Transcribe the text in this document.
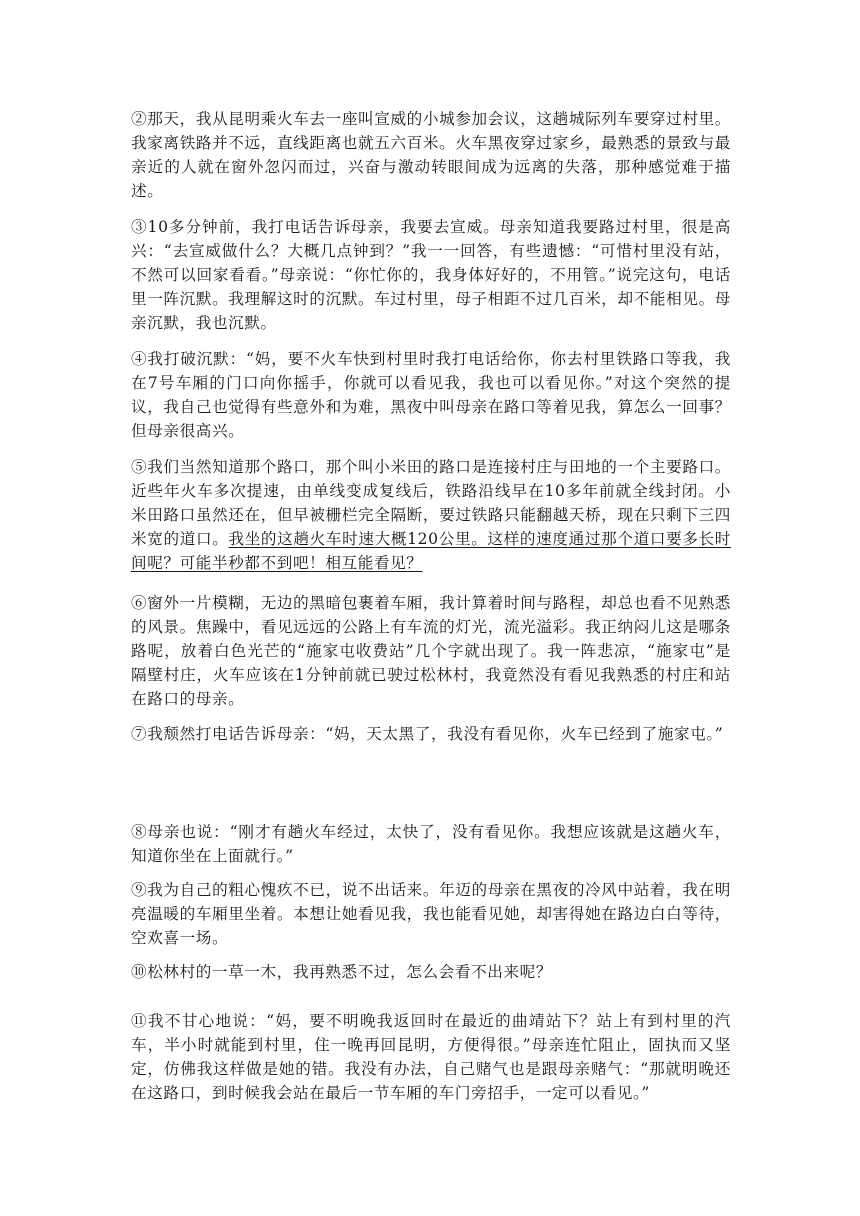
②那天，我从昆明乘火车去一座叫宣威的小城参加会议，这趟城际列车要穿过村里。我家离铁路并不远，直线距离也就五六百米。火车黑夜穿过家乡，最熟悉的景致与最亲近的人就在窗外忽闪而过，兴奋与激动转眼间成为远离的失落，那种感觉难于描述。

③10多分钟前，我打电话告诉母亲，我要去宣威。母亲知道我要路过村里，很是高兴：“去宣威做什么？大概几点钟到？”我一一回答，有些遗憾：“可惜村里没有站，不然可以回家看看。”母亲说：“你忙你的，我身体好好的，不用管。”说完这句，电话里一阵沉默。我理解这时的沉默。车过村里，母子相距不过几百米，却不能相见。母亲沉默，我也沉默。

④我打破沉默：“妈，要不火车快到村里时我打电话给你，你去村里铁路口等我，我在7号车厢的门口向你摇手，你就可以看见我，我也可以看见你。”对这个突然的提议，我自己也觉得有些意外和为难，黑夜中叫母亲在路口等着见我，算怎么一回事？但母亲很高兴。

⑤我们当然知道那个路口，那个叫小米田的路口是连接村庄与田地的一个主要路口。近些年火车多次提速，由单线变成复线后，铁路沿线早在10多年前就全线封闭。小米田路口虽然还在，但早被栅栏完全隔断，要过铁路只能翻越天桥，现在只剩下三四米宽的道口。我坐的这趟火车时速大概120公里。这样的速度通过那个道口要多长时间呢？可能半秒都不到吧！相互能看见？

⑥窗外一片模糊，无边的黑暗包裹着车厢，我计算着时间与路程，却总也看不见熟悉的风景。焦躁中，看见远远的公路上有车流的灯光，流光溢彩。我正纳闷儿这是哪条路呢，放着白色光芒的“施家屯收费站”几个字就出现了。我一阵悲凉，“施家屯”是隔壁村庄，火车应该在1分钟前就已驶过松林村，我竟然没有看见我熟悉的村庄和站在路口的母亲。

⑦我颓然打电话告诉母亲：“妈，天太黑了，我没有看见你，火车已经到了施家屯。”

⑧母亲也说：“刚才有趟火车经过，太快了，没有看见你。我想应该就是这趟火车，知道你坐在上面就行。”

⑨我为自己的粗心愧疚不已，说不出话来。年迈的母亲在黑夜的冷风中站着，我在明亮温暖的车厢里坐着。本想让她看见我，我也能看见她，却害得她在路边白白等待，空欢喜一场。

⑩松林村的一草一木，我再熟悉不过，怎么会看不出来呢？

⑪我不甘心地说：“妈，要不明晚我返回时在最近的曲靖站下？站上有到村里的汽车，半小时就能到村里，住一晚再回昆明，方便得很。”母亲连忙阻止，固执而又坚定，仿佛我这样做是她的错。我没有办法，自己赌气也是跟母亲赌气：“那就明晚还在这路口，到时候我会站在最后一节车厢的车门旁招手，一定可以看见。”
